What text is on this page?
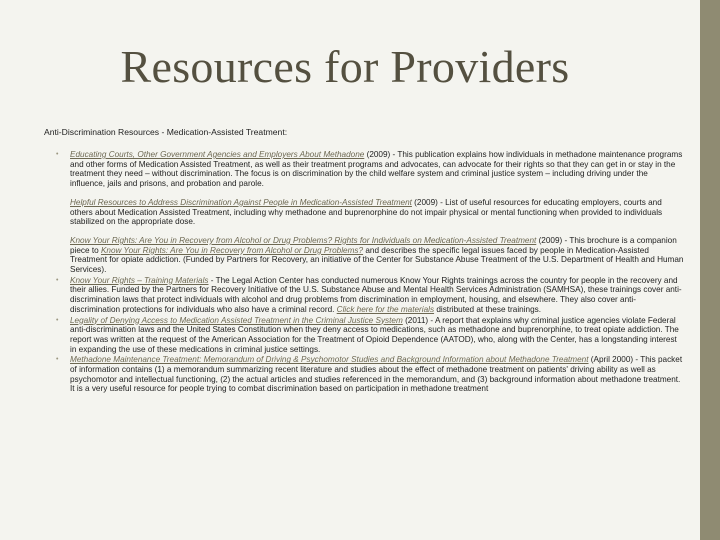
Resources for Providers
Anti-Discrimination Resources - Medication-Assisted Treatment:
• Educating Courts, Other Government Agencies and Employers About Methadone (2009) - This publication explains how individuals in methadone maintenance programs and other forms of Medication Assisted Treatment, as well as their treatment programs and advocates, can advocate for their rights so that they can get in or stay in the treatment they need – without discrimination. The focus is on discrimination by the child welfare system and criminal justice system – including driving under the influence, jails and prisons, and probation and parole.
Helpful Resources to Address Discrimination Against People in Medication-Assisted Treatment (2009) - List of useful resources for educating employers, courts and others about Medication Assisted Treatment, including why methadone and buprenorphine do not impair physical or mental functioning when provided to individuals stabilized on the appropriate dose.
Know Your Rights: Are You in Recovery from Alcohol or Drug Problems? Rights for Individuals on Medication-Assisted Treatment (2009) - This brochure is a companion piece to Know Your Rights: Are You in Recovery from Alcohol or Drug Problems? and describes the specific legal issues faced by people in Medication-Assisted Treatment for opiate addiction. (Funded by Partners for Recovery, an initiative of the Center for Substance Abuse Treatment of the U.S. Department of Health and Human Services).
• Know Your Rights – Training Materials - The Legal Action Center has conducted numerous Know Your Rights trainings across the country for people in the recovery and their allies. Funded by the Partners for Recovery Initiative of the U.S. Substance Abuse and Mental Health Services Administration (SAMHSA), these trainings cover anti-discrimination laws that protect individuals with alcohol and drug problems from discrimination in employment, housing, and elsewhere. They also cover anti-discrimination protections for individuals who also have a criminal record. Click here for the materials distributed at these trainings.
• Legality of Denying Access to Medication Assisted Treatment in the Criminal Justice System (2011) - A report that explains why criminal justice agencies violate Federal anti-discrimination laws and the United States Constitution when they deny access to medications, such as methadone and buprenorphine, to treat opiate addiction. The report was written at the request of the American Association for the Treatment of Opioid Dependence (AATOD), who, along with the Center, has a longstanding interest in expanding the use of these medications in criminal justice settings.
• Methadone Maintenance Treatment: Memorandum of Driving & Psychomotor Studies and Background Information about Methadone Treatment (April 2000) - This packet of information contains (1) a memorandum summarizing recent literature and studies about the effect of methadone treatment on patients' driving ability as well as psychomotor and intellectual functioning, (2) the actual articles and studies referenced in the memorandum, and (3) background information about methadone treatment. It is a very useful resource for people trying to combat discrimination based on participation in methadone treatment
